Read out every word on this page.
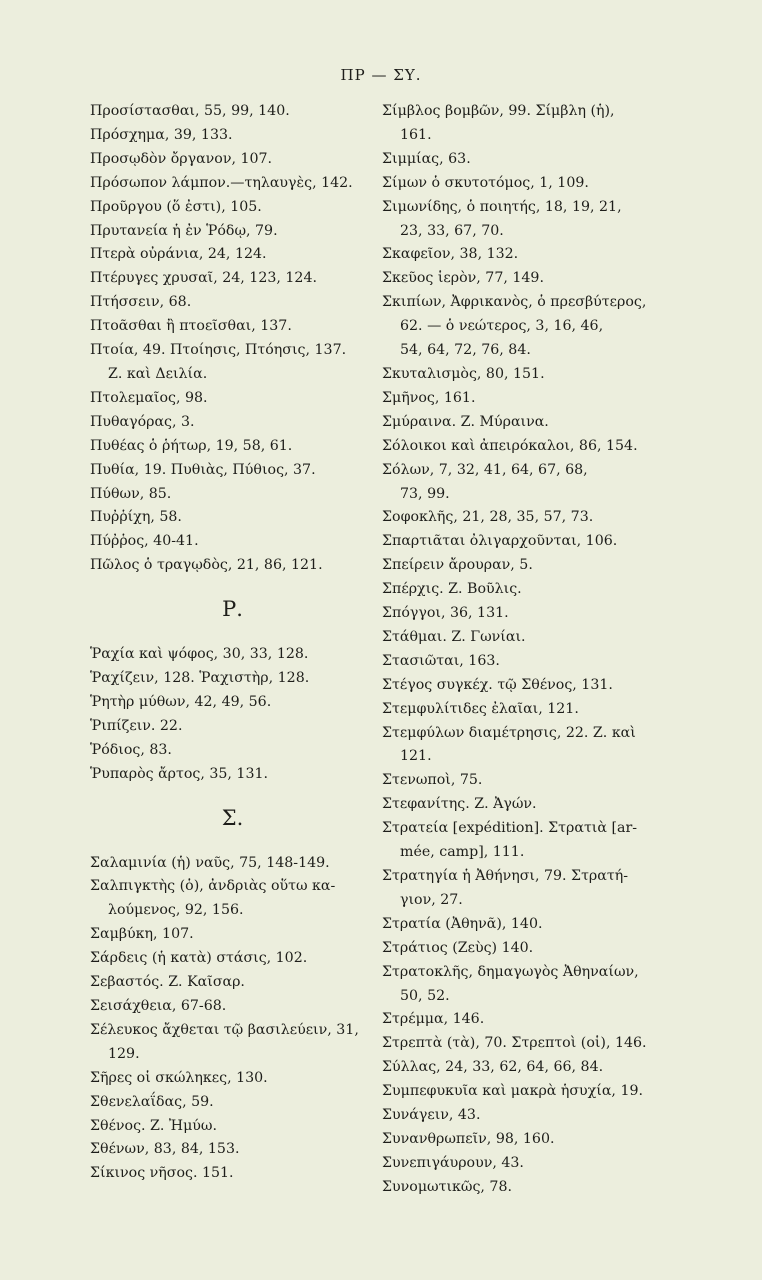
ΠΡ — ΣΥ.
Προσίστασθαι, 55, 99, 140.
Πρόσχημα, 39, 133.
Προσῳδὸν ὄργανον, 107.
Πρόσωπον λάμπον.—τηλαυγὲς, 142.
Προῦργου (ὅ ἐστι), 105.
Πρυτανεία ἡ ἐν Ῥόδῳ, 79.
Πτερὰ οὐράνια, 24, 124.
Πτέρυγες χρυσαῖ, 24, 123, 124.
Πτήσσειν, 68.
Πτοᾶσθαι ἢ πτοεῖσθαι, 137.
Πτοία, 49. Πτοίησις, Πτόησις, 137.
Ζ. καὶ Δειλία.
Πτολεμαῖος, 98.
Πυθαγόρας, 3.
Πυθέας ὁ ῥήτωρ, 19, 58, 61.
Πυθία, 19. Πυθιὰς, Πύθιος, 37.
Πύθων, 85.
Πυῤῥίχη, 58.
Πύῤῥος, 40-41.
Πῶλος ὁ τραγῳδὸς, 21, 86, 121.
Ρ.
Ῥαχία καὶ ψόφος, 30, 33, 128.
Ῥαχίζειν, 128. Ῥαχιστὴρ, 128.
Ῥητὴρ μύθων, 42, 49, 56.
Ῥιπίζειν. 22.
Ῥόδιος, 83.
Ῥυπαρὸς ἄρτος, 35, 131.
Σ.
Σαλαμινία (ἡ) ναῦς, 75, 148-149.
Σαλπιγκτὴς (ὁ), ἀνδριὰς οὕτω κα-
λούμενος, 92, 156.
Σαμβύκη, 107.
Σάρδεις (ἡ κατὰ) στάσις, 102.
Σεβαστός. Ζ. Καῖσαρ.
Σεισάχθεια, 67-68.
Σέλευκος ἄχθεται τῷ βασιλεύειν, 31,
129.
Σῆρες οἱ σκώληκες, 130.
Σθενελαΐδας, 59.
Σθένος. Ζ. Ἠμύω.
Σθένων, 83, 84, 153.
Σίκινος νῆσος. 151.
Σίμβλος βομβῶν, 99. Σίμβλη (ἡ),
161.
Σιμμίας, 63.
Σίμων ὁ σκυτοτόμος, 1, 109.
Σιμωνίδης, ὁ ποιητής, 18, 19, 21,
23, 33, 67, 70.
Σκαφεῖον, 38, 132.
Σκεῦος ἱερὸν, 77, 149.
Σκιπίων, Ἀφρικανὸς, ὁ πρεσβύτερος,
62. — ὁ νεώτερος, 3, 16, 46,
54, 64, 72, 76, 84.
Σκυταλισμὸς, 80, 151.
Σμῆνος, 161.
Σμύραινα. Ζ. Μύραινα.
Σόλοικοι καὶ ἀπειρόκαλοι, 86, 154.
Σόλων, 7, 32, 41, 64, 67, 68,
73, 99.
Σοφοκλῆς, 21, 28, 35, 57, 73.
Σπαρτιᾶται ὀλιγαρχοῦνται, 106.
Σπείρειν ἄρουραν, 5.
Σπέρχις. Ζ. Βοῦλις.
Σπόγγοι, 36, 131.
Στάθμαι. Ζ. Γωνίαι.
Στασιῶται, 163.
Στέγος συγκέχ. τῷ Σθένος, 131.
Στεμφυλίτιδες ἐλαῖαι, 121.
Στεμφύλων διαμέτρησις, 22. Ζ. καὶ
121.
Στενωποὶ, 75.
Στεφανίτης. Ζ. Ἀγών.
Στρατεία [expédition]. Στρατιὰ [ar-
mée, camp], 111.
Στρατηγία ἡ Ἀθήνησι, 79. Στρατή-
γιον, 27.
Στρατία (Ἀθηνᾶ), 140.
Στράτιος (Ζεὺς) 140.
Στρατοκλῆς, δημαγωγὸς Ἀθηναίων,
50, 52.
Στρέμμα, 146.
Στρεπτὰ (τὰ), 70. Στρεπτοὶ (οἱ), 146.
Σύλλας, 24, 33, 62, 64, 66, 84.
Συμπεφυκυῖα καὶ μακρὰ ἡσυχία, 19.
Συνάγειν, 43.
Συνανθρωπεῖν, 98, 160.
Συνεπιγάυρουν, 43.
Συνομωτικῶς, 78.
